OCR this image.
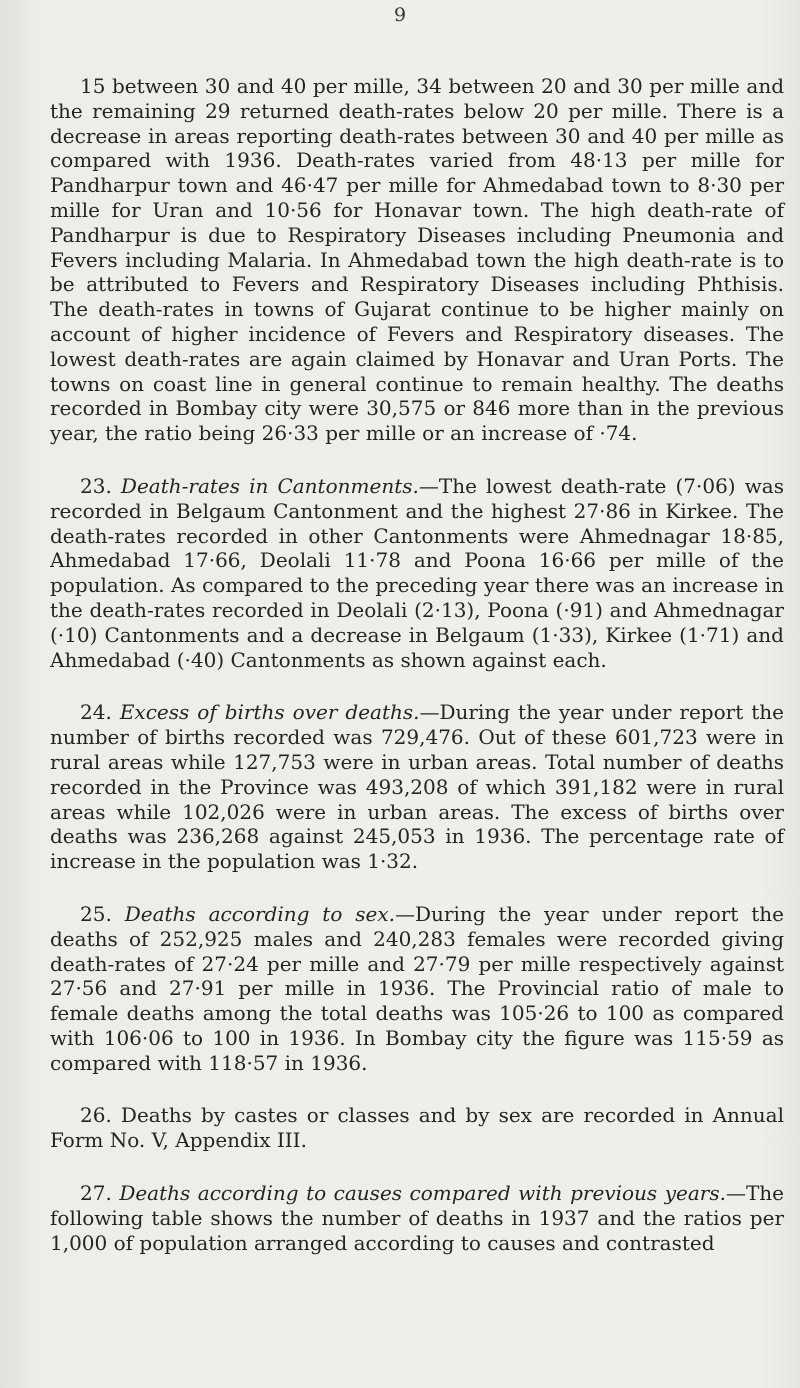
9

15 between 30 and 40 per mille, 34 between 20 and 30 per mille and the remaining 29 returned death-rates below 20 per mille. There is a decrease in areas reporting death-rates between 30 and 40 per mille as compared with 1936. Death-rates varied from 48·13 per mille for Pandharpur town and 46·47 per mille for Ahmedabad town to 8·30 per mille for Uran and 10·56 for Honavar town. The high death-rate of Pandharpur is due to Respiratory Diseases including Pneumonia and Fevers including Malaria. In Ahmedabad town the high death-rate is to be attributed to Fevers and Respiratory Diseases including Phthisis. The death-rates in towns of Gujarat continue to be higher mainly on account of higher incidence of Fevers and Respiratory diseases. The lowest death-rates are again claimed by Honavar and Uran Ports. The towns on coast line in general continue to remain healthy. The deaths recorded in Bombay city were 30,575 or 846 more than in the previous year, the ratio being 26·33 per mille or an increase of ·74.

23. Death-rates in Cantonments.—The lowest death-rate (7·06) was recorded in Belgaum Cantonment and the highest 27·86 in Kirkee. The death-rates recorded in other Cantonments were Ahmednagar 18·85, Ahmedabad 17·66, Deolali 11·78 and Poona 16·66 per mille of the population. As compared to the preceding year there was an increase in the death-rates recorded in Deolali (2·13), Poona (·91) and Ahmednagar (·10) Cantonments and a decrease in Belgaum (1·33), Kirkee (1·71) and Ahmedabad (·40) Cantonments as shown against each.

24. Excess of births over deaths.—During the year under report the number of births recorded was 729,476. Out of these 601,723 were in rural areas while 127,753 were in urban areas. Total number of deaths recorded in the Province was 493,208 of which 391,182 were in rural areas while 102,026 were in urban areas. The excess of births over deaths was 236,268 against 245,053 in 1936. The percentage rate of increase in the population was 1·32.

25. Deaths according to sex.—During the year under report the deaths of 252,925 males and 240,283 females were recorded giving death-rates of 27·24 per mille and 27·79 per mille respectively against 27·56 and 27·91 per mille in 1936. The Provincial ratio of male to female deaths among the total deaths was 105·26 to 100 as compared with 106·06 to 100 in 1936. In Bombay city the figure was 115·59 as compared with 118·57 in 1936.

26. Deaths by castes or classes and by sex are recorded in Annual Form No. V, Appendix III.

27. Deaths according to causes compared with previous years.—The following table shows the number of deaths in 1937 and the ratios per 1,000 of population arranged according to causes and contrasted
